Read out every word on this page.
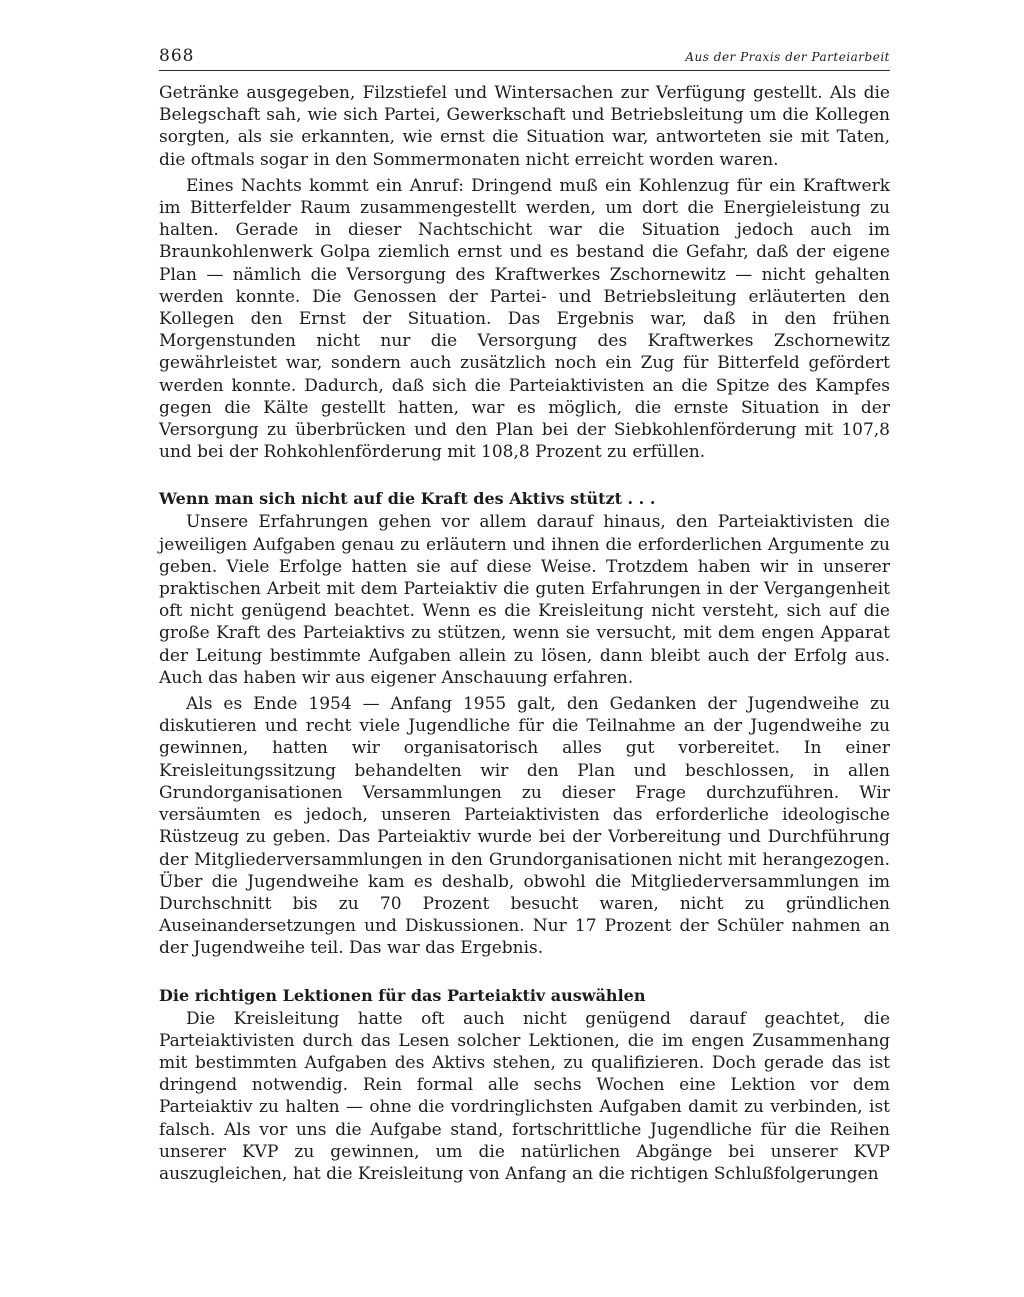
868	Aus der Praxis der Parteiarbeit

Getränke ausgegeben, Filzstiefel und Wintersachen zur Verfügung gestellt. Als die Belegschaft sah, wie sich Partei, Gewerkschaft und Betriebsleitung um die Kollegen sorgten, als sie erkannten, wie ernst die Situation war, antworteten sie mit Taten, die oftmals sogar in den Sommermonaten nicht erreicht worden waren.

Eines Nachts kommt ein Anruf: Dringend muß ein Kohlenzug für ein Kraftwerk im Bitterfelder Raum zusammengestellt werden, um dort die Energieleistung zu halten. Gerade in dieser Nachtschicht war die Situation jedoch auch im Braunkohlenwerk Golpa ziemlich ernst und es bestand die Gefahr, daß der eigene Plan — nämlich die Versorgung des Kraftwerkes Zschornewitz — nicht gehalten werden konnte. Die Genossen der Partei- und Betriebsleitung erläuterten den Kollegen den Ernst der Situation. Das Ergebnis war, daß in den frühen Morgenstunden nicht nur die Versorgung des Kraftwerkes Zschornewitz gewährleistet war, sondern auch zusätzlich noch ein Zug für Bitterfeld gefördert werden konnte. Dadurch, daß sich die Parteiaktivisten an die Spitze des Kampfes gegen die Kälte gestellt hatten, war es möglich, die ernste Situation in der Versorgung zu überbrücken und den Plan bei der Siebkohlenförderung mit 107,8 und bei der Rohkohlenförderung mit 108,8 Prozent zu erfüllen.

Wenn man sich nicht auf die Kraft des Aktivs stützt . . .

Unsere Erfahrungen gehen vor allem darauf hinaus, den Parteiaktivisten die jeweiligen Aufgaben genau zu erläutern und ihnen die erforderlichen Argumente zu geben. Viele Erfolge hatten sie auf diese Weise. Trotzdem haben wir in unserer praktischen Arbeit mit dem Parteiaktiv die guten Erfahrungen in der Vergangenheit oft nicht genügend beachtet. Wenn es die Kreisleitung nicht versteht, sich auf die große Kraft des Parteiaktivs zu stützen, wenn sie versucht, mit dem engen Apparat der Leitung bestimmte Aufgaben allein zu lösen, dann bleibt auch der Erfolg aus. Auch das haben wir aus eigener Anschauung erfahren.

Als es Ende 1954 — Anfang 1955 galt, den Gedanken der Jugendweihe zu diskutieren und recht viele Jugendliche für die Teilnahme an der Jugendweihe zu gewinnen, hatten wir organisatorisch alles gut vorbereitet. In einer Kreisleitungssitzung behandelten wir den Plan und beschlossen, in allen Grundorganisationen Versammlungen zu dieser Frage durchzuführen. Wir versäumten es jedoch, unseren Parteiaktivisten das erforderliche ideologische Rüstzeug zu geben. Das Parteiaktiv wurde bei der Vorbereitung und Durchführung der Mitgliederversammlungen in den Grundorganisationen nicht mit herangezogen. Über die Jugendweihe kam es deshalb, obwohl die Mitgliederversammlungen im Durchschnitt bis zu 70 Prozent besucht waren, nicht zu gründlichen Auseinandersetzungen und Diskussionen. Nur 17 Prozent der Schüler nahmen an der Jugendweihe teil. Das war das Ergebnis.

Die richtigen Lektionen für das Parteiaktiv auswählen

Die Kreisleitung hatte oft auch nicht genügend darauf geachtet, die Parteiaktivisten durch das Lesen solcher Lektionen, die im engen Zusammenhang mit bestimmten Aufgaben des Aktivs stehen, zu qualifizieren. Doch gerade das ist dringend notwendig. Rein formal alle sechs Wochen eine Lektion vor dem Parteiaktiv zu halten — ohne die vordringlichsten Aufgaben damit zu verbinden, ist falsch. Als vor uns die Aufgabe stand, fortschrittliche Jugendliche für die Reihen unserer KVP zu gewinnen, um die natürlichen Abgänge bei unserer KVP auszugleichen, hat die Kreisleitung von Anfang an die richtigen Schlußfolgerungen
